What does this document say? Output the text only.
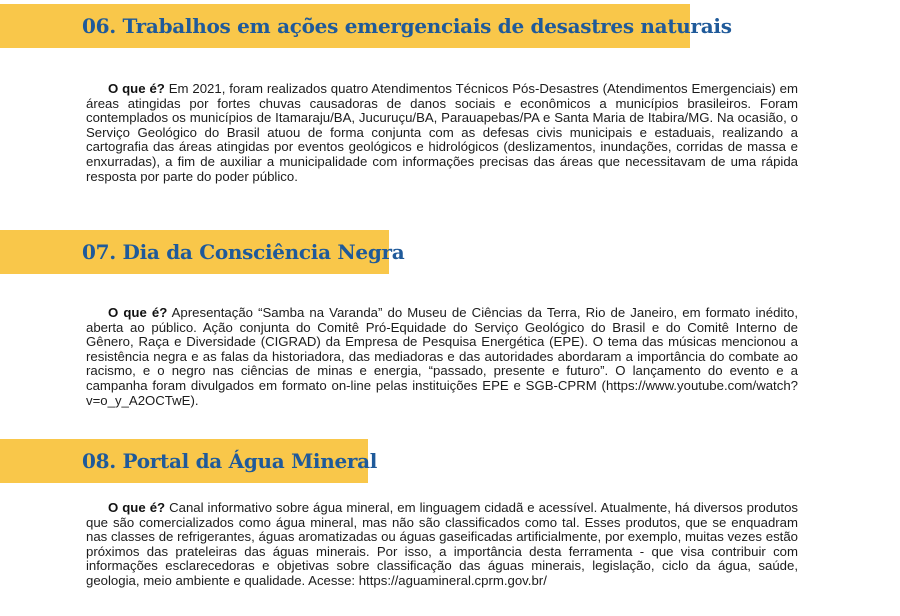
06. Trabalhos em ações emergenciais de desastres naturais

O que é? Em 2021, foram realizados quatro Atendimentos Técnicos Pós-Desastres (Atendimentos Emergenciais) em áreas atingidas por fortes chuvas causadoras de danos sociais e econômicos a municípios brasileiros. Foram contemplados os municípios de Itamaraju/BA, Jucuruçu/BA, Parauapebas/PA e Santa Maria de Itabira/MG. Na ocasião, o Serviço Geológico do Brasil atuou de forma conjunta com as defesas civis municipais e estaduais, realizando a cartografia das áreas atingidas por eventos geológicos e hidrológicos (deslizamentos, inundações, corridas de massa e enxurradas), a fim de auxiliar a municipalidade com informações precisas das áreas que necessitavam de uma rápida resposta por parte do poder público.

07. Dia da Consciência Negra

O que é? Apresentação “Samba na Varanda” do Museu de Ciências da Terra, Rio de Janeiro, em formato inédito, aberta ao público. Ação conjunta do Comitê Pró-Equidade do Serviço Geológico do Brasil e do Comitê Interno de Gênero, Raça e Diversidade (CIGRAD) da Empresa de Pesquisa Energética (EPE). O tema das músicas mencionou a resistência negra e as falas da historiadora, das mediadoras e das autoridades abordaram a importância do combate ao racismo, e o negro nas ciências de minas e energia, “passado, presente e futuro”. O lançamento do evento e a campanha foram divulgados em formato on-line pelas instituições EPE e SGB-CPRM (https://www.youtube.com/watch?v=o_y_A2OCTwE).

08. Portal da Água Mineral

O que é? Canal informativo sobre água mineral, em linguagem cidadã e acessível. Atualmente, há diversos produtos que são comercializados como água mineral, mas não são classificados como tal. Esses produtos, que se enquadram nas classes de refrigerantes, águas aromatizadas ou águas gaseificadas artificialmente, por exemplo, muitas vezes estão próximos das prateleiras das águas minerais. Por isso, a importância desta ferramenta - que visa contribuir com informações esclarecedoras e objetivas sobre classificação das águas minerais, legislação, ciclo da água, saúde, geologia, meio ambiente e qualidade. Acesse: https://aguamineral.cprm.gov.br/
